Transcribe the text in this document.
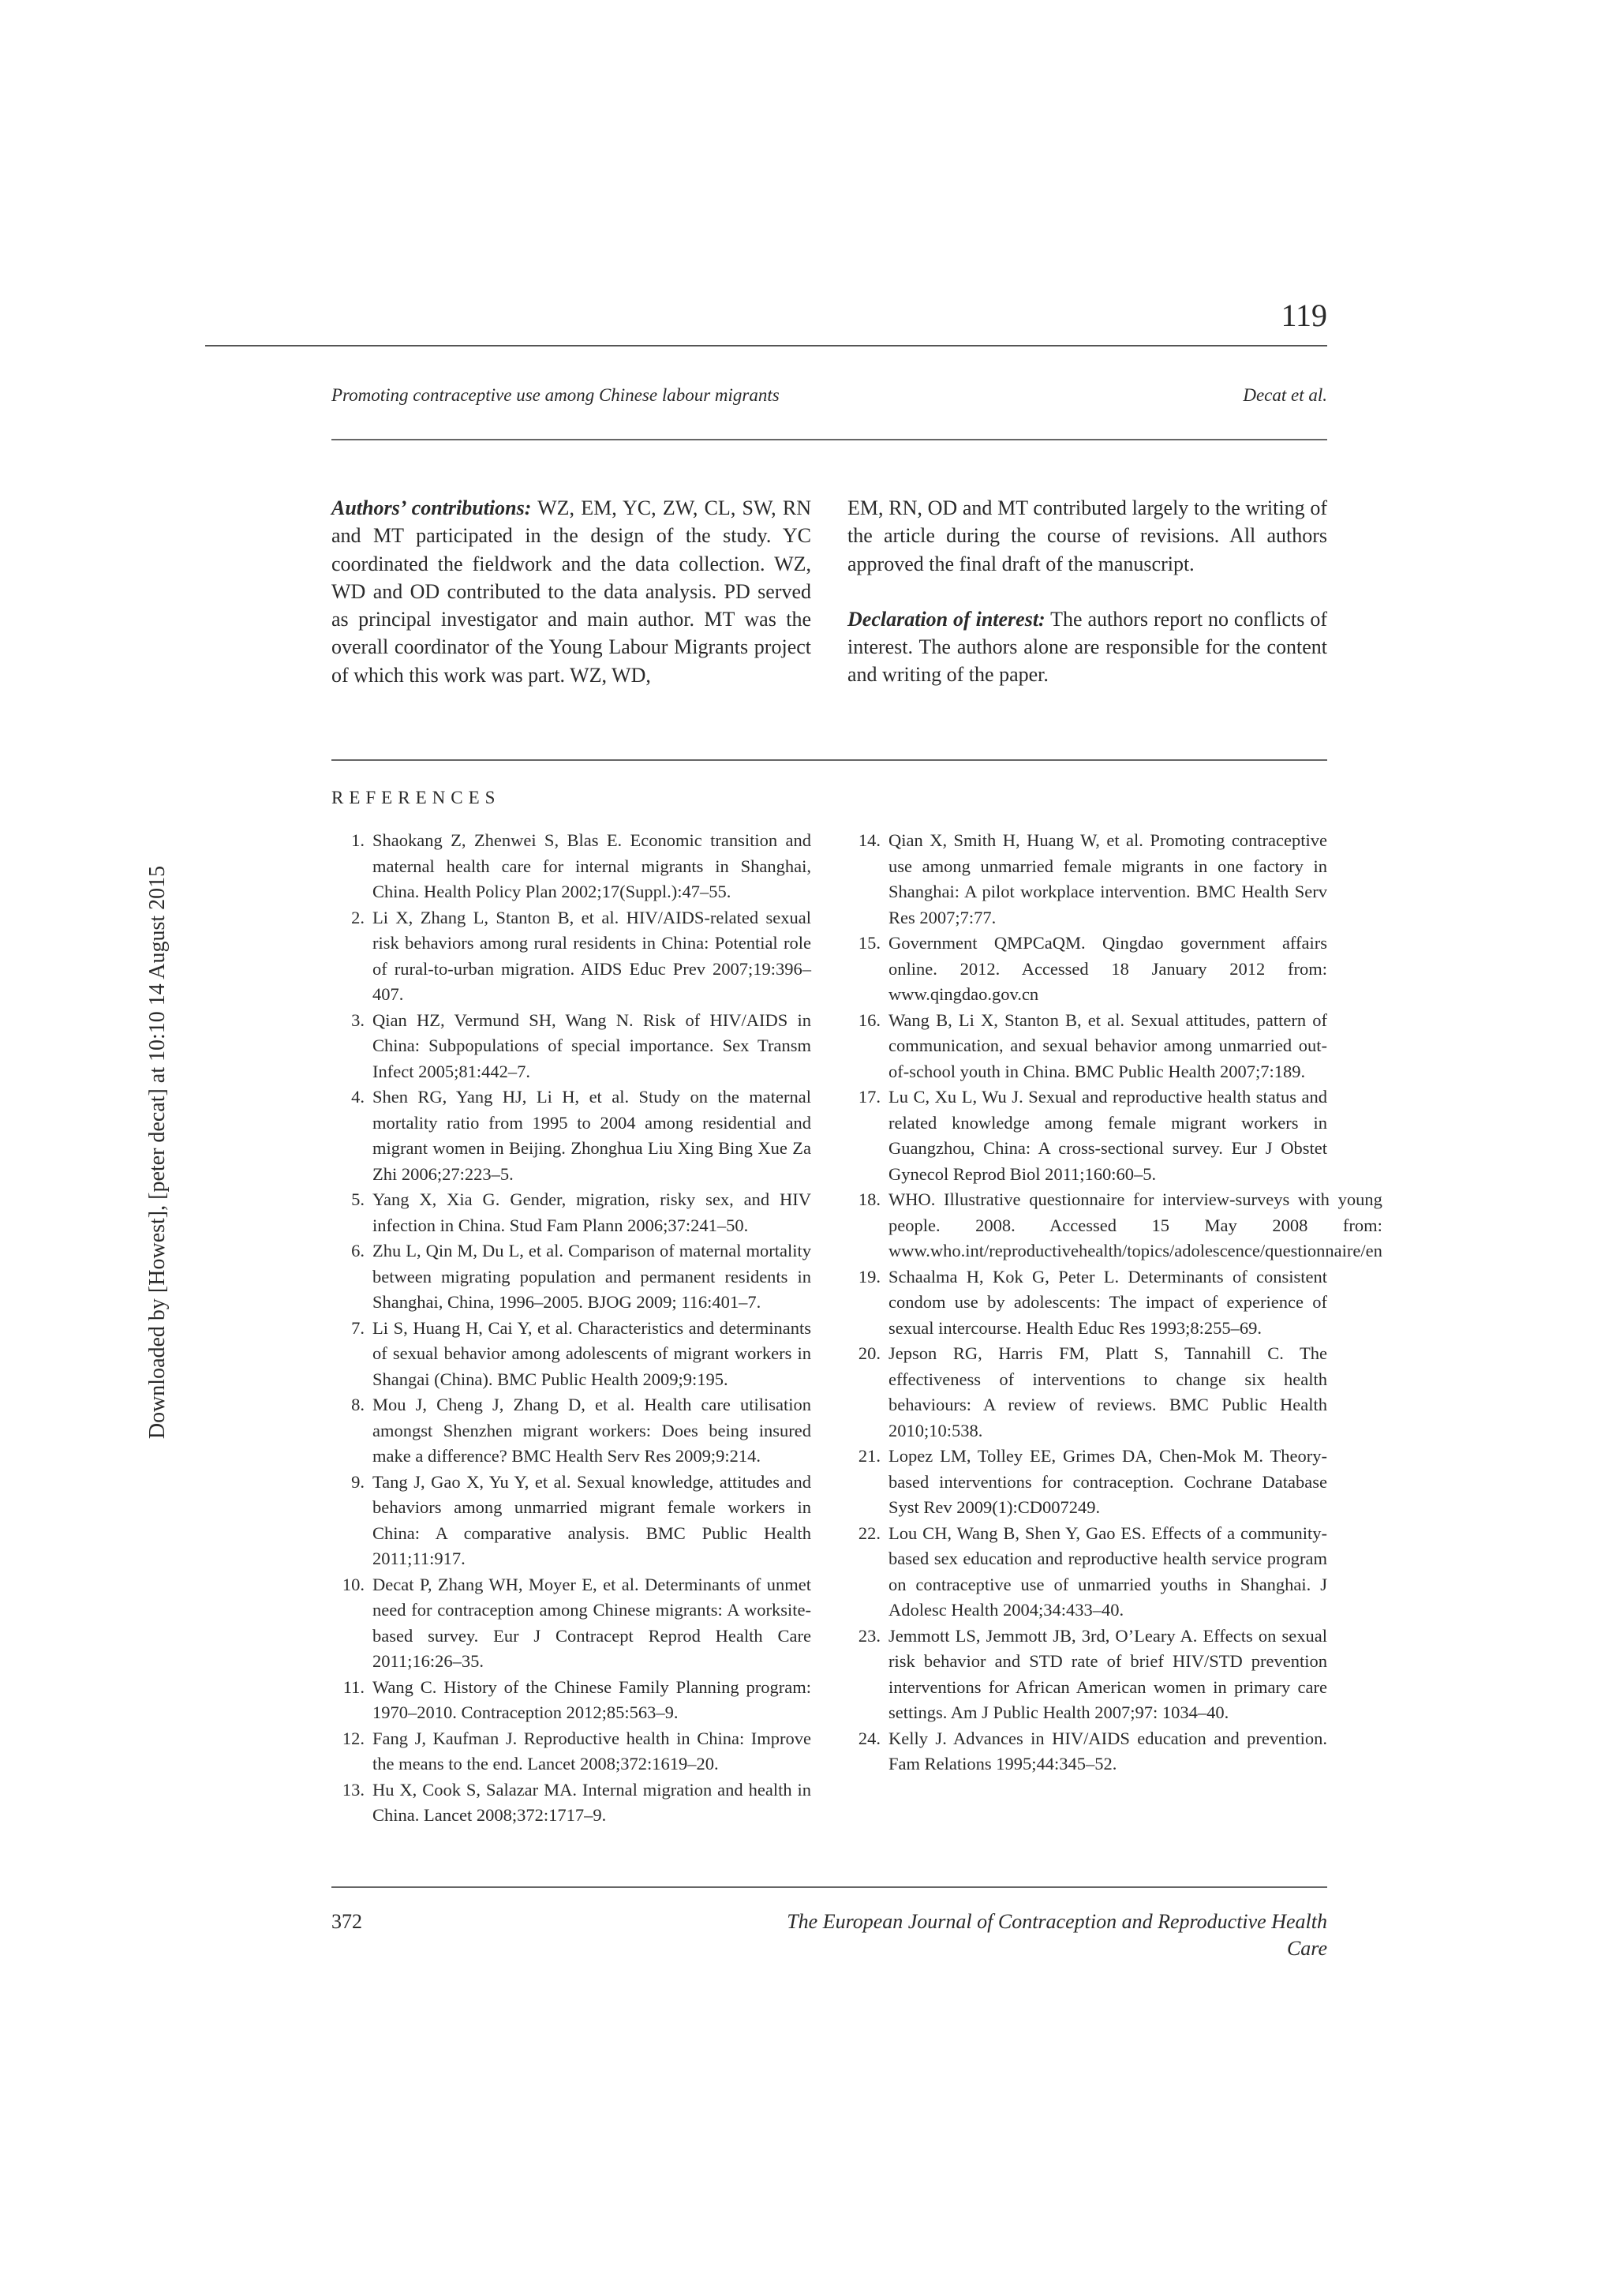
119
Promoting contraceptive use among Chinese labour migrants	Decat et al.
Downloaded by [Howest], [peter decat] at 10:10 14 August 2015

Authors’ contributions: WZ, EM, YC, ZW, CL, SW, RN and MT participated in the design of the study. YC coordinated the fieldwork and the data collection. WZ, WD and OD contributed to the data analysis. PD served as principal investigator and main author. MT was the overall coordinator of the Young Labour Migrants project of which this work was part. WZ, WD,

EM, RN, OD and MT contributed largely to the writing of the article during the course of revisions. All authors approved the final draft of the manuscript.

Declaration of interest: The authors report no conflicts of interest. The authors alone are responsible for the content and writing of the paper.

REFERENCES
1. Shaokang Z, Zhenwei S, Blas E. Economic transition and maternal health care for internal migrants in Shanghai, China. Health Policy Plan 2002;17(Suppl.):47–55.
2. Li X, Zhang L, Stanton B, et al. HIV/AIDS-related sexual risk behaviors among rural residents in China: Potential role of rural-to-urban migration. AIDS Educ Prev 2007;19:396–407.
3. Qian HZ, Vermund SH, Wang N. Risk of HIV/AIDS in China: Subpopulations of special importance. Sex Transm Infect 2005;81:442–7.
4. Shen RG, Yang HJ, Li H, et al. Study on the maternal mortality ratio from 1995 to 2004 among residential and migrant women in Beijing. Zhonghua Liu Xing Bing Xue Za Zhi 2006;27:223–5.
5. Yang X, Xia G. Gender, migration, risky sex, and HIV infection in China. Stud Fam Plann 2006;37:241–50.
6. Zhu L, Qin M, Du L, et al. Comparison of maternal mortality between migrating population and permanent residents in Shanghai, China, 1996–2005. BJOG 2009; 116:401–7.
7. Li S, Huang H, Cai Y, et al. Characteristics and determinants of sexual behavior among adolescents of migrant workers in Shangai (China). BMC Public Health 2009;9:195.
8. Mou J, Cheng J, Zhang D, et al. Health care utilisation amongst Shenzhen migrant workers: Does being insured make a difference? BMC Health Serv Res 2009;9:214.
9. Tang J, Gao X, Yu Y, et al. Sexual knowledge, attitudes and behaviors among unmarried migrant female workers in China: A comparative analysis. BMC Public Health 2011;11:917.
10. Decat P, Zhang WH, Moyer E, et al. Determinants of unmet need for contraception among Chinese migrants: A worksite-based survey. Eur J Contracept Reprod Health Care 2011;16:26–35.
11. Wang C. History of the Chinese Family Planning program: 1970–2010. Contraception 2012;85:563–9.
12. Fang J, Kaufman J. Reproductive health in China: Improve the means to the end. Lancet 2008;372:1619–20.
13. Hu X, Cook S, Salazar MA. Internal migration and health in China. Lancet 2008;372:1717–9.
14. Qian X, Smith H, Huang W, et al. Promoting contraceptive use among unmarried female migrants in one factory in Shanghai: A pilot workplace intervention. BMC Health Serv Res 2007;7:77.
15. Government QMPCaQM. Qingdao government affairs online. 2012. Accessed 18 January 2012 from: www.qingdao.gov.cn
16. Wang B, Li X, Stanton B, et al. Sexual attitudes, pattern of communication, and sexual behavior among unmarried out-of-school youth in China. BMC Public Health 2007;7:189.
17. Lu C, Xu L, Wu J. Sexual and reproductive health status and related knowledge among female migrant workers in Guangzhou, China: A cross-sectional survey. Eur J Obstet Gynecol Reprod Biol 2011;160:60–5.
18. WHO. Illustrative questionnaire for interview-surveys with young people. 2008. Accessed 15 May 2008 from: www.who.int/reproductivehealth/topics/adolescence/questionnaire/en
19. Schaalma H, Kok G, Peter L. Determinants of consistent condom use by adolescents: The impact of experience of sexual intercourse. Health Educ Res 1993;8:255–69.
20. Jepson RG, Harris FM, Platt S, Tannahill C. The effectiveness of interventions to change six health behaviours: A review of reviews. BMC Public Health 2010;10:538.
21. Lopez LM, Tolley EE, Grimes DA, Chen-Mok M. Theory-based interventions for contraception. Cochrane Database Syst Rev 2009(1):CD007249.
22. Lou CH, Wang B, Shen Y, Gao ES. Effects of a community-based sex education and reproductive health service program on contraceptive use of unmarried youths in Shanghai. J Adolesc Health 2004;34:433–40.
23. Jemmott LS, Jemmott JB, 3rd, O’Leary A. Effects on sexual risk behavior and STD rate of brief HIV/STD prevention interventions for African American women in primary care settings. Am J Public Health 2007;97: 1034–40.
24. Kelly J. Advances in HIV/AIDS education and prevention. Fam Relations 1995;44:345–52.
372	The European Journal of Contraception and Reproductive Health Care
